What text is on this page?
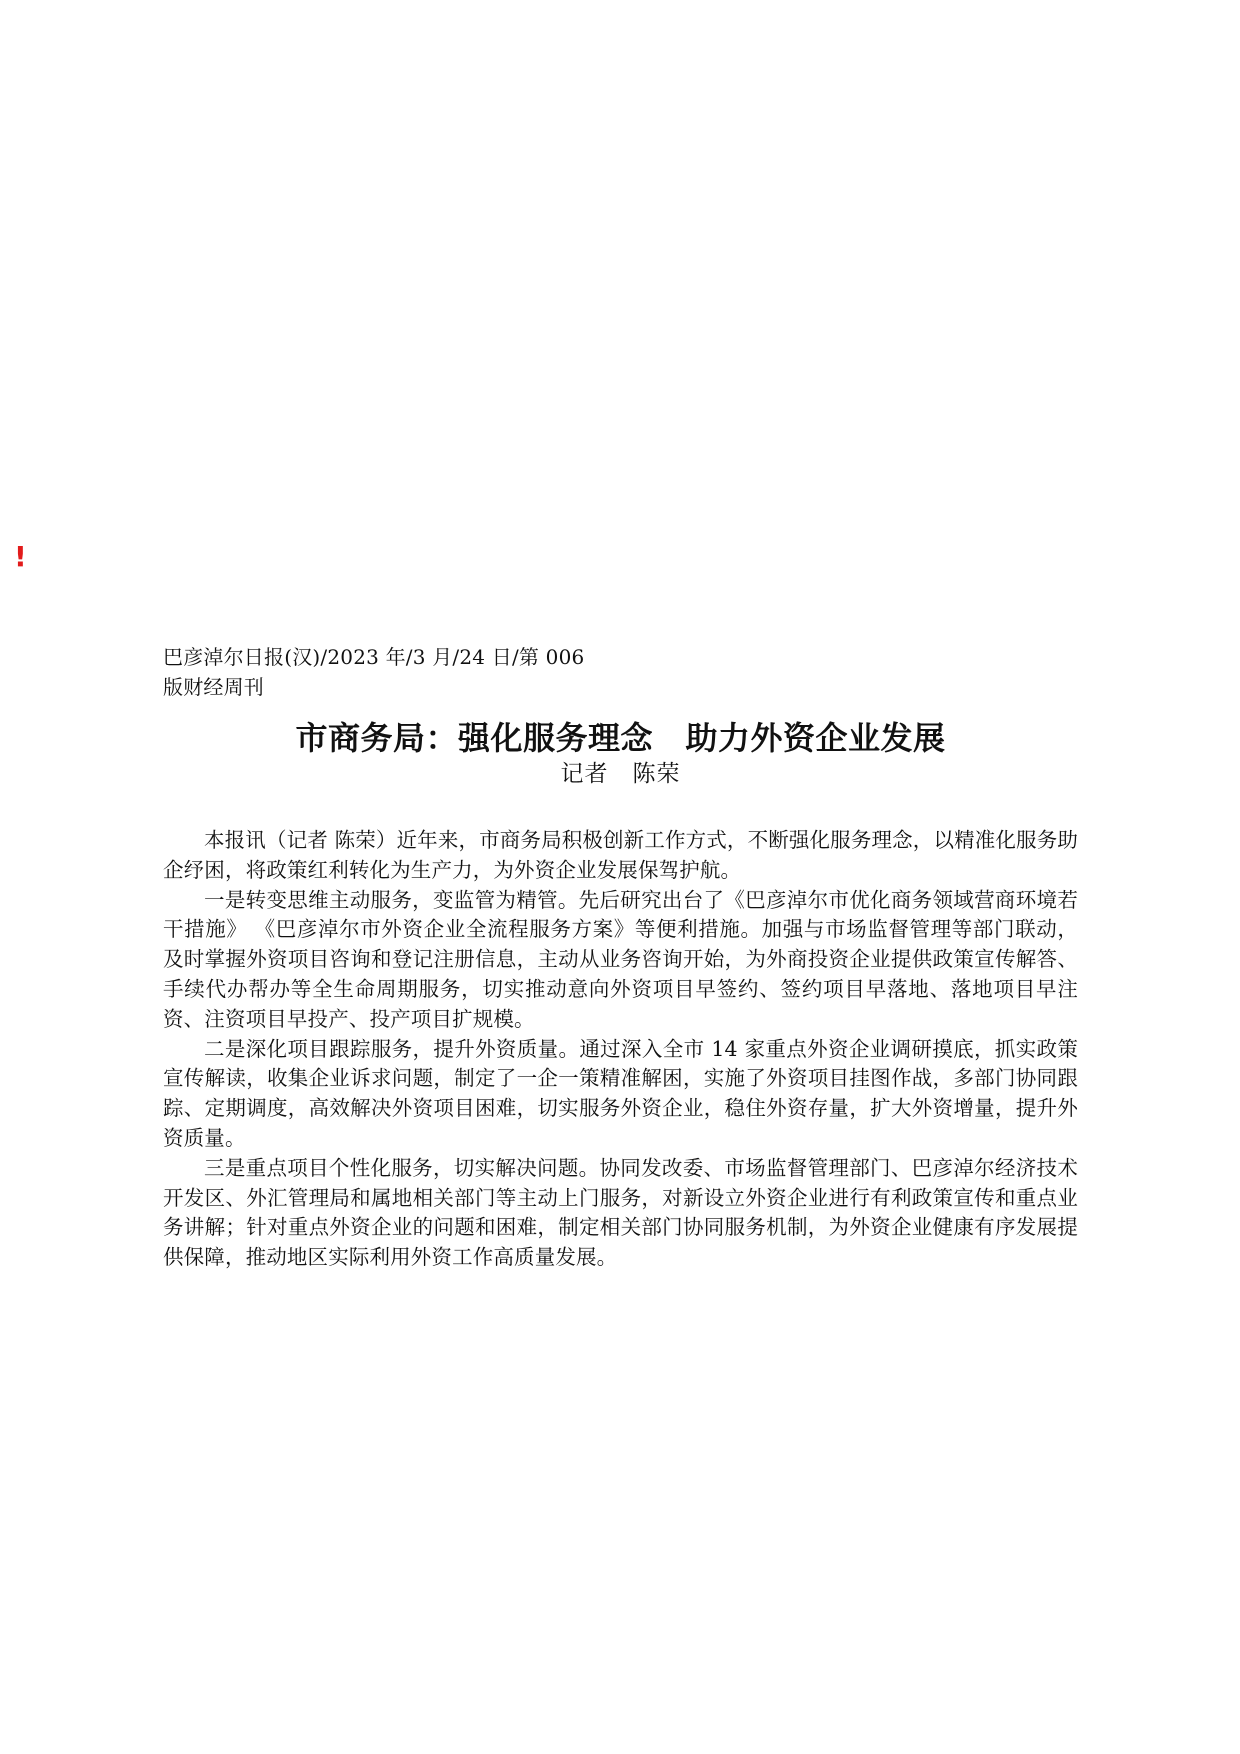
!

巴彦淖尔日报(汉)/2023 年/3 月/24 日/第 006

版财经周刊

市商务局：强化服务理念　助力外资企业发展

记者　陈荣

本报讯（记者 陈荣）近年来，市商务局积极创新工作方式，不断强化服务理念，以精准化服务助企纾困，将政策红利转化为生产力，为外资企业发展保驾护航。

一是转变思维主动服务，变监管为精管。先后研究出台了《巴彦淖尔市优化商务领域营商环境若干措施》 《巴彦淖尔市外资企业全流程服务方案》等便利措施。加强与市场监督管理等部门联动，及时掌握外资项目咨询和登记注册信息，主动从业务咨询开始，为外商投资企业提供政策宣传解答、手续代办帮办等全生命周期服务，切实推动意向外资项目早签约、签约项目早落地、落地项目早注资、注资项目早投产、投产项目扩规模。

二是深化项目跟踪服务，提升外资质量。通过深入全市 14 家重点外资企业调研摸底，抓实政策宣传解读，收集企业诉求问题，制定了一企一策精准解困，实施了外资项目挂图作战，多部门协同跟踪、定期调度，高效解决外资项目困难，切实服务外资企业，稳住外资存量，扩大外资增量，提升外资质量。

三是重点项目个性化服务，切实解决问题。协同发改委、市场监督管理部门、巴彦淖尔经济技术开发区、外汇管理局和属地相关部门等主动上门服务，对新设立外资企业进行有利政策宣传和重点业务讲解；针对重点外资企业的问题和困难，制定相关部门协同服务机制，为外资企业健康有序发展提供保障，推动地区实际利用外资工作高质量发展。
